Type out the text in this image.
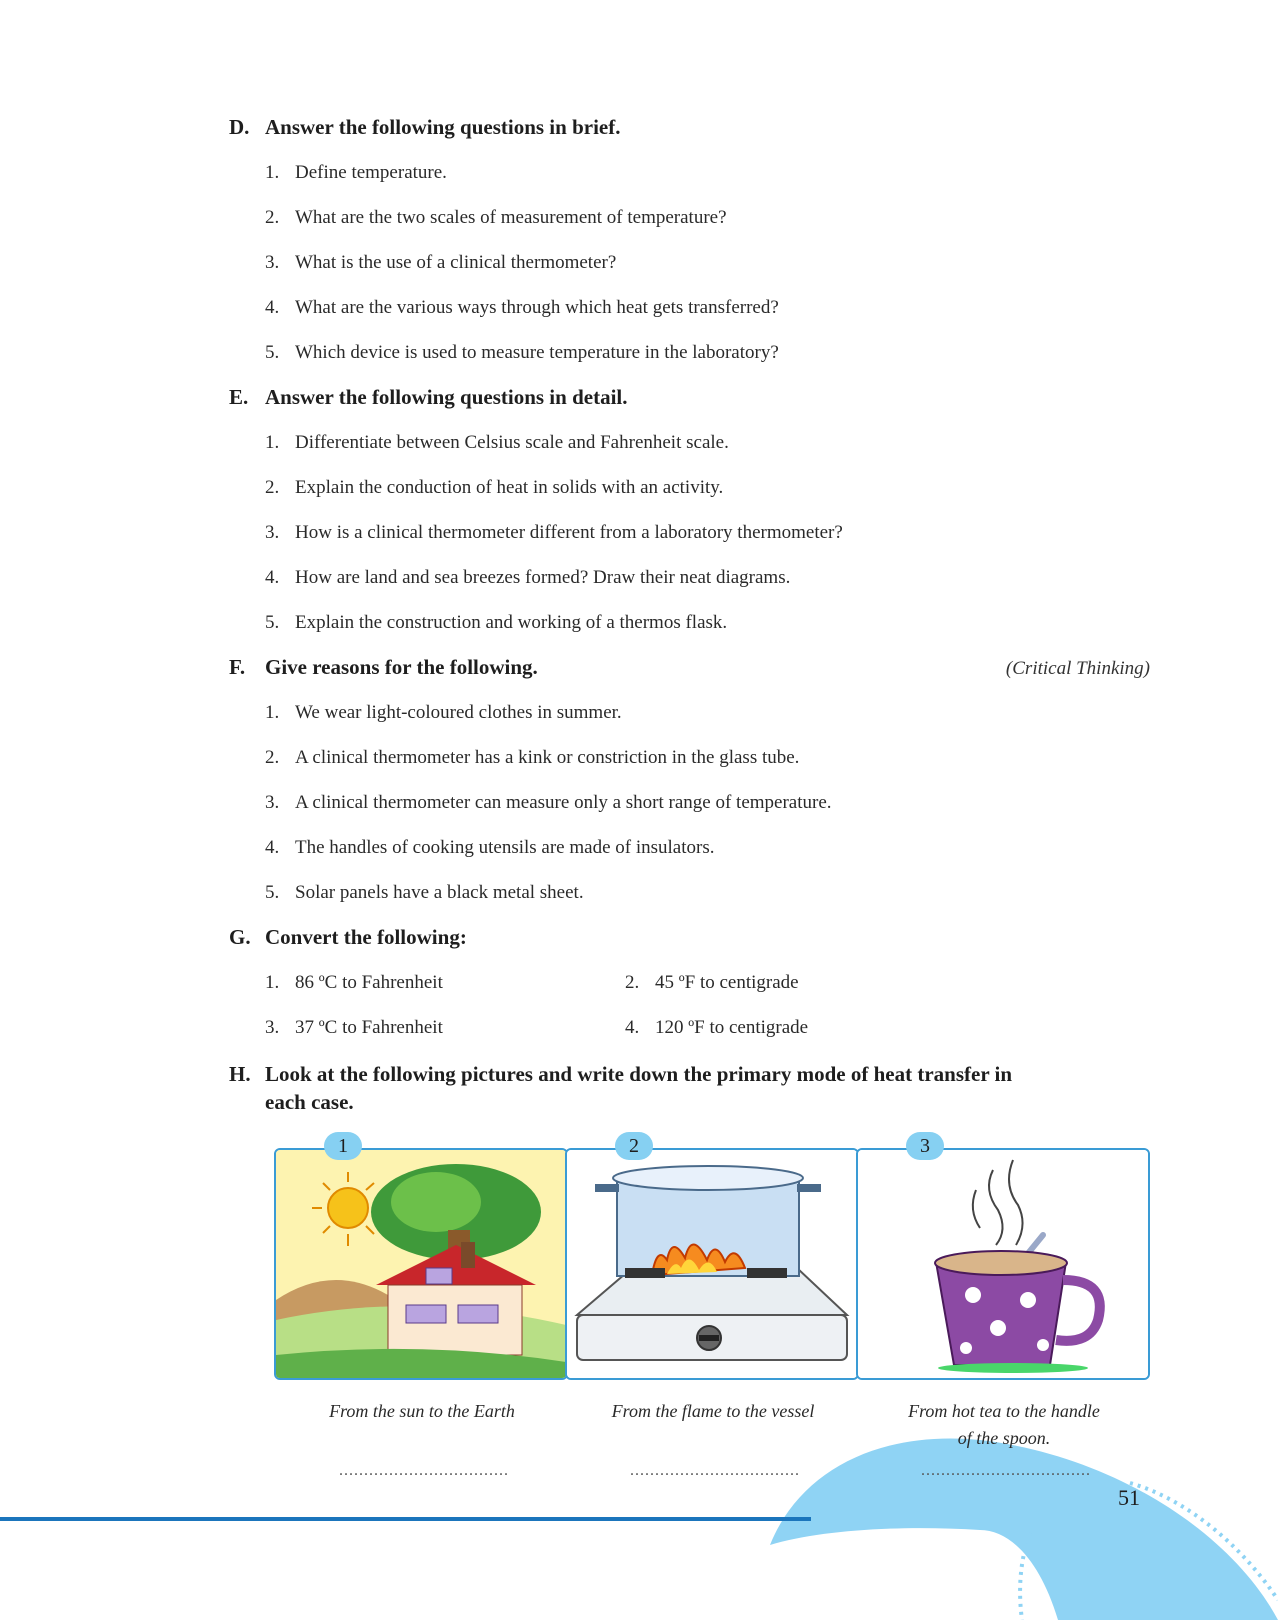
D. Answer the following questions in brief.
1. Define temperature.
2. What are the two scales of measurement of temperature?
3. What is the use of a clinical thermometer?
4. What are the various ways through which heat gets transferred?
5. Which device is used to measure temperature in the laboratory?
E. Answer the following questions in detail.
1. Differentiate between Celsius scale and Fahrenheit scale.
2. Explain the conduction of heat in solids with an activity.
3. How is a clinical thermometer different from a laboratory thermometer?
4. How are land and sea breezes formed? Draw their neat diagrams.
5. Explain the construction and working of a thermos flask.
F. Give reasons for the following.	(Critical Thinking)
1. We wear light-coloured clothes in summer.
2. A clinical thermometer has a kink or constriction in the glass tube.
3. A clinical thermometer can measure only a short range of temperature.
4. The handles of cooking utensils are made of insulators.
5. Solar panels have a black metal sheet.
G. Convert the following:
1. 86 ºC to Fahrenheit	2. 45 ºF to centigrade
3. 37 ºC to Fahrenheit	4. 120 ºF to centigrade
H. Look at the following pictures and write down the primary mode of heat transfer in
each case.
1	2	3
From the sun to the Earth	From the flame to the vessel	From hot tea to the handle
of the spoon.
..................................	..................................	..................................
51
